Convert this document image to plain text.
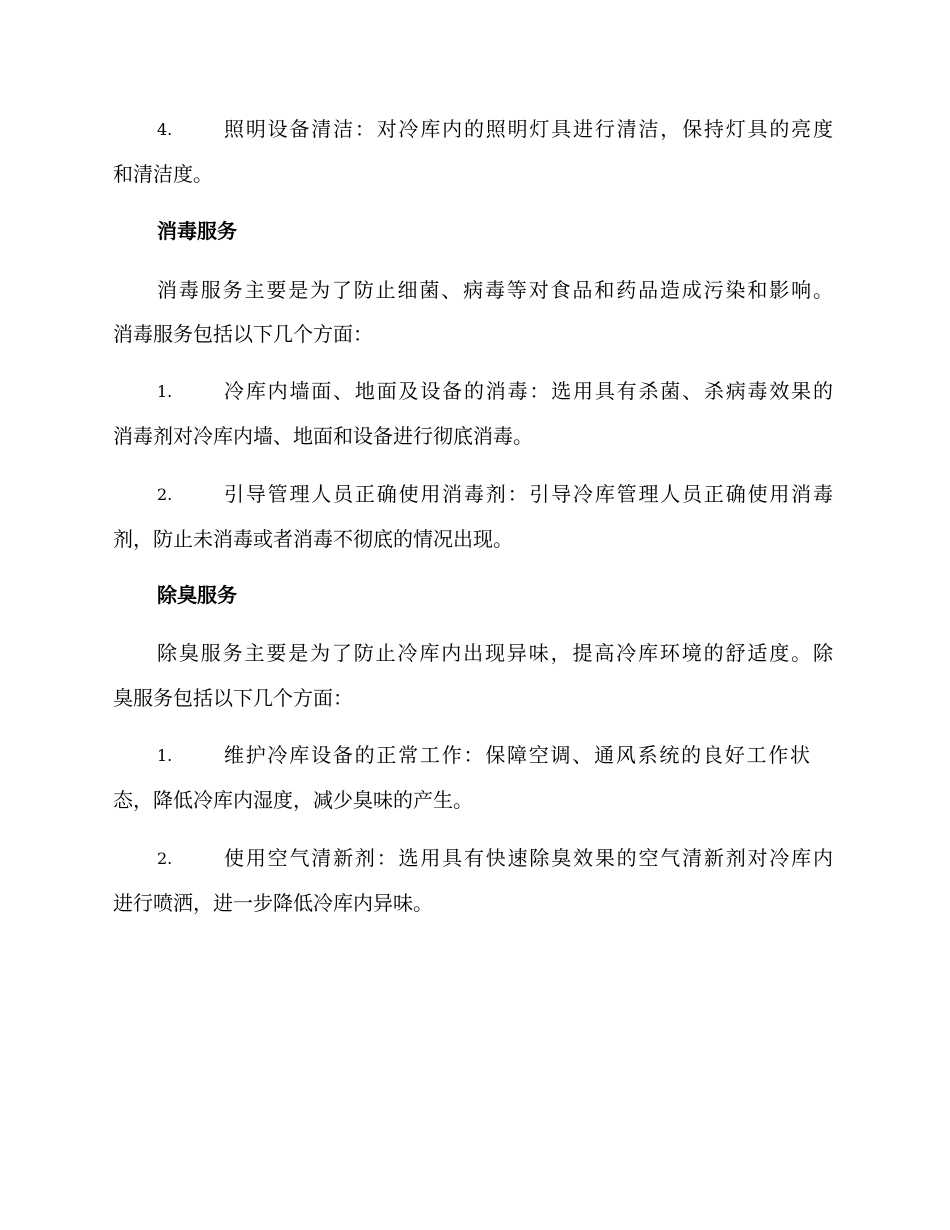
4.	照明设备清洁：对冷库内的照明灯具进行清洁，保持灯具的亮度
和清洁度。
消毒服务
消毒服务主要是为了防止细菌、病毒等对食品和药品造成污染和影响。
消毒服务包括以下几个方面：
1.	冷库内墙面、地面及设备的消毒：选用具有杀菌、杀病毒效果的
消毒剂对冷库内墙、地面和设备进行彻底消毒。
2.	引导管理人员正确使用消毒剂：引导冷库管理人员正确使用消毒
剂，防止未消毒或者消毒不彻底的情况出现。
除臭服务
除臭服务主要是为了防止冷库内出现异味，提高冷库环境的舒适度。除
臭服务包括以下几个方面：
1.	维护冷库设备的正常工作：保障空调、通风系统的良好工作状
态，降低冷库内湿度，减少臭味的产生。
2.	使用空气清新剂：选用具有快速除臭效果的空气清新剂对冷库内
进行喷洒，进一步降低冷库内异味。
